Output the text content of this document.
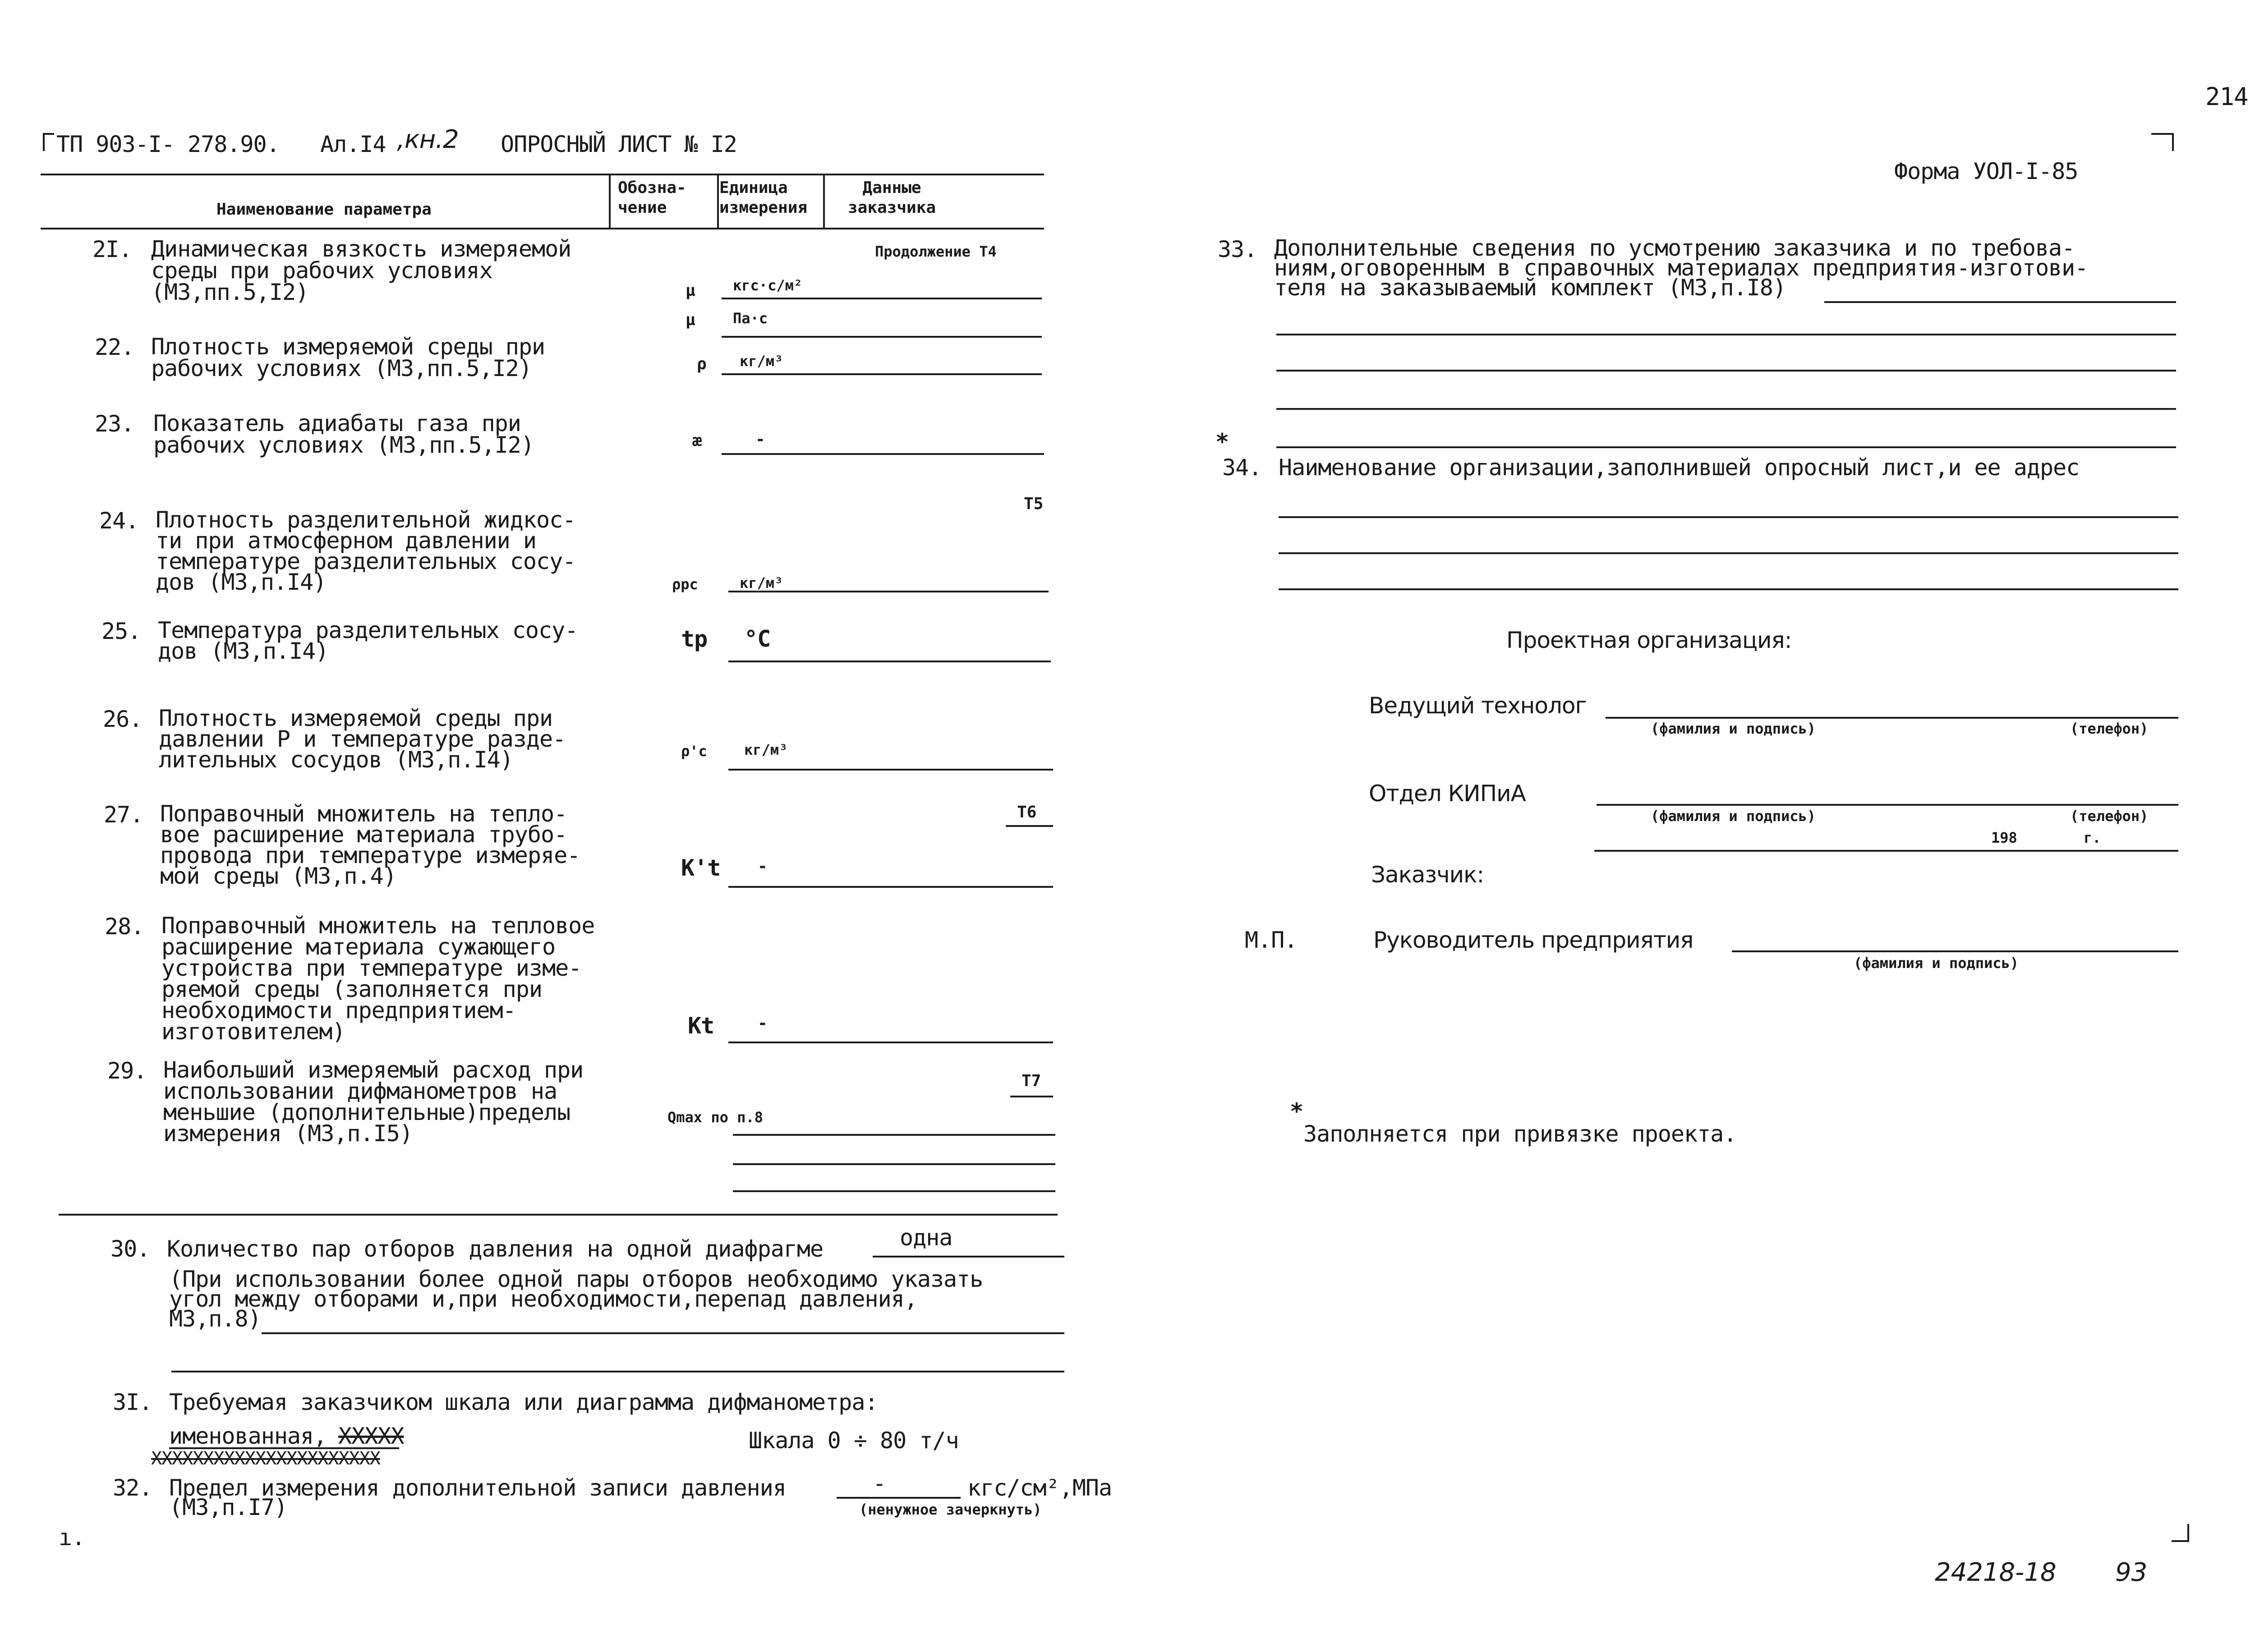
214
ТП 903-I- 278.90. Ал.I4 ,кн.2 ОПРОСНЫЙ ЛИСТ № I2
Форма УОЛ-I-85
Наименование параметра
Обозна-
чение
Единица
измерения
Данные
заказчика
Продолжение Т4
2I. Динамическая вязкость измеряемой
среды при рабочих условиях
(МЗ,пп.5,I2)	μ	кгс·с/м²
μ	Па·с
22. Плотность измеряемой среды при
рабочих условиях (МЗ,пп.5,I2)	ρ кг/м³
23. Показатель адиабаты газа при
рабочих условиях (МЗ,пп.5,I2)	æ	-
Т5
24. Плотность разделительной жидкос-
ти при атмосферном давлении и
температуре разделительных сосу-
дов (МЗ,п.I4)	ρрс	кг/м³
25. Температура разделительных сосу-
дов (МЗ,п.I4)	tр °C
26. Плотность измеряемой среды при
давлении Р и температуре разде-
лительных сосудов (МЗ,п.I4)	ρ'с	кг/м³
Т6
27. Поправочный множитель на тепло-
вое расширение материала трубо-
провода при температуре измеряе-
мой среды (МЗ,п.4)	K't -
28. Поправочный множитель на тепловое
расширение материала сужающего
устройства при температуре изме-
ряемой среды (заполняется при
необходимости предприятием-
изготовителем)	Kt	-
Т7
29. Наибольший измеряемый расход при
использовании дифманометров на
меньшие (дополнительные)пределы
измерения (МЗ,п.I5)
Qmax по п.8
30. Количество пар отборов давления на одной диафрагме	одна
(При использовании более одной пары отборов необходимо указать
угол между отборами и,при необходимости,перепад давления,
МЗ,п.8)
3I. Требуемая заказчиком шкала или диаграмма дифманометра:
именованная, XXXXX
XXXXXXXXXXXXXXXXXXXXXX
Шкала 0 ÷ 80 т/ч
32. Предел измерения дополнительной записи давления	-	кгс/см²,МПа
(МЗ,п.I7)	(ненужное зачеркнуть)
ı.
33. Дополнительные сведения по усмотрению заказчика и по требова-
ниям,оговоренным в справочных материалах предприятия-изготови-
теля на заказываемый комплект (МЗ,п.I8)
*
34. Наименование организации,заполнившей опросный лист,и ее адрес
Проектная организация:
Ведущий технолог
(фамилия и подпись)	(телефон)
Отдел КИПиА
(фамилия и подпись)	(телефон)
198	г.
Заказчик:
М.П.	Руководитель предприятия
(фамилия и подпись)
*
Заполняется при привязке проекта.
24218-18 93
